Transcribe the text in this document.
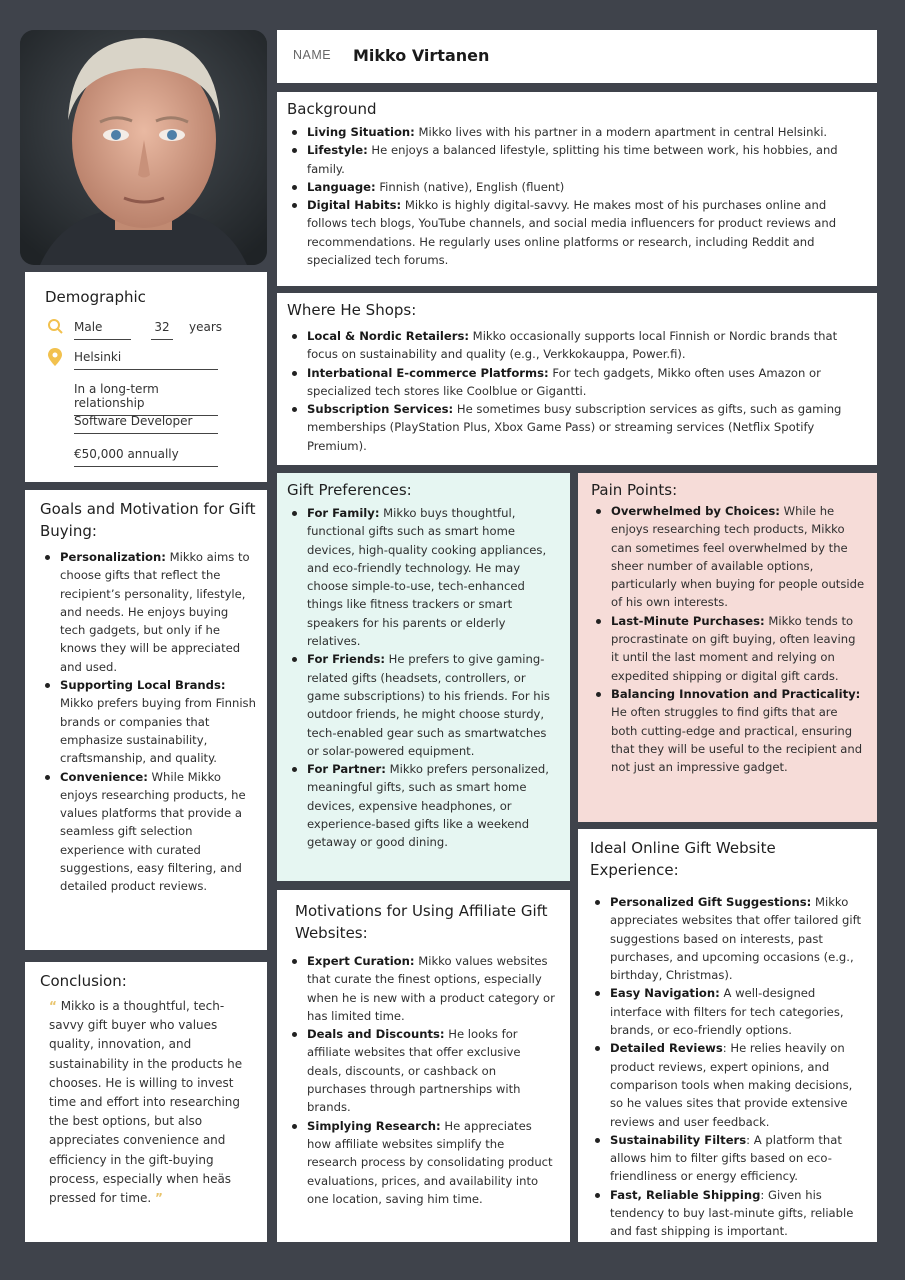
NAME Mikko Virtanen
Demographic
Male	32 years
Helsinki
In a long-term relationship
Software Developer
€50,000 annually
Background
Living Situation: Mikko lives with his partner in a modern apartment in central Helsinki.
Lifestyle: He enjoys a balanced lifestyle, splitting his time between work, his hobbies, and family.
Language: Finnish (native), English (fluent)
Digital Habits: Mikko is highly digital-savvy. He makes most of his purchases online and follows tech blogs, YouTube channels, and social media influencers for product reviews and recommendations. He regularly uses online platforms or research, including Reddit and specialized tech forums.
Where He Shops:
Local & Nordic Retailers: Mikko occasionally supports local Finnish or Nordic brands that focus on sustainability and quality (e.g., Verkkokauppa, Power.fi).
Interbational E-commerce Platforms: For tech gadgets, Mikko often uses Amazon or specialized tech stores like Coolblue or Gigantti.
Subscription Services: He sometimes busy subscription services as gifts, such as gaming memberships (PlayStation Plus, Xbox Game Pass) or streaming services (Netflix Spotify Premium).
Goals and Motivation for Gift Buying:
Personalization: Mikko aims to choose gifts that reflect the recipient’s personality, lifestyle, and needs. He enjoys buying tech gadgets, but only if he knows they will be appreciated and used.
Supporting Local Brands: Mikko prefers buying from Finnish brands or companies that emphasize sustainability, craftsmanship, and quality.
Convenience: While Mikko enjoys researching products, he values platforms that provide a seamless gift selection experience with curated suggestions, easy filtering, and detailed product reviews.
Gift Preferences:
For Family: Mikko buys thoughtful, functional gifts such as smart home devices, high-quality cooking appliances, and eco-friendly technology. He may choose simple-to-use, tech-enhanced things like fitness trackers or smart speakers for his parents or elderly relatives.
For Friends: He prefers to give gaming-related gifts (headsets, controllers, or game subscriptions) to his friends. For his outdoor friends, he might choose sturdy, tech-enabled gear such as smartwatches or solar-powered equipment.
For Partner: Mikko prefers personalized, meaningful gifts, such as smart home devices, expensive headphones, or experience-based gifts like a weekend getaway or good dining.
Pain Points:
Overwhelmed by Choices: While he enjoys researching tech products, Mikko can sometimes feel overwhelmed by the sheer number of available options, particularly when buying for people outside of his own interests.
Last-Minute Purchases: Mikko tends to procrastinate on gift buying, often leaving it until the last moment and relying on expedited shipping or digital gift cards.
Balancing Innovation and Practicality: He often struggles to find gifts that are both cutting-edge and practical, ensuring that they will be useful to the recipient and not just an impressive gadget.
Conclusion:

“ Mikko is a thoughtful, tech-savvy gift buyer who values quality, innovation, and sustainability in the products he chooses. He is willing to invest time and effort into researching the best options, but also appreciates convenience and efficiency in the gift-buying process, especially when heäs pressed for time. ”

Motivations for Using Affiliate Gift Websites:
Expert Curation: Mikko values websites that curate the finest options, especially when he is new with a product category or has limited time.
Deals and Discounts: He looks for affiliate websites that offer exclusive deals, discounts, or cashback on purchases through partnerships with brands.
Simplying Research: He appreciates how affiliate websites simplify the research process by consolidating product evaluations, prices, and availability into one location, saving him time.
Ideal Online Gift Website Experience:
Personalized Gift Suggestions: Mikko appreciates websites that offer tailored gift suggestions based on interests, past purchases, and upcoming occasions (e.g., birthday, Christmas).
Easy Navigation: A well-designed interface with filters for tech categories, brands, or eco-friendly options.
Detailed Reviews: He relies heavily on product reviews, expert opinions, and comparison tools when making decisions, so he values sites that provide extensive reviews and user feedback.
Sustainability Filters: A platform that allows him to filter gifts based on eco-friendliness or energy efficiency.
Fast, Reliable Shipping: Given his tendency to buy last-minute gifts, reliable and fast shipping is important.
